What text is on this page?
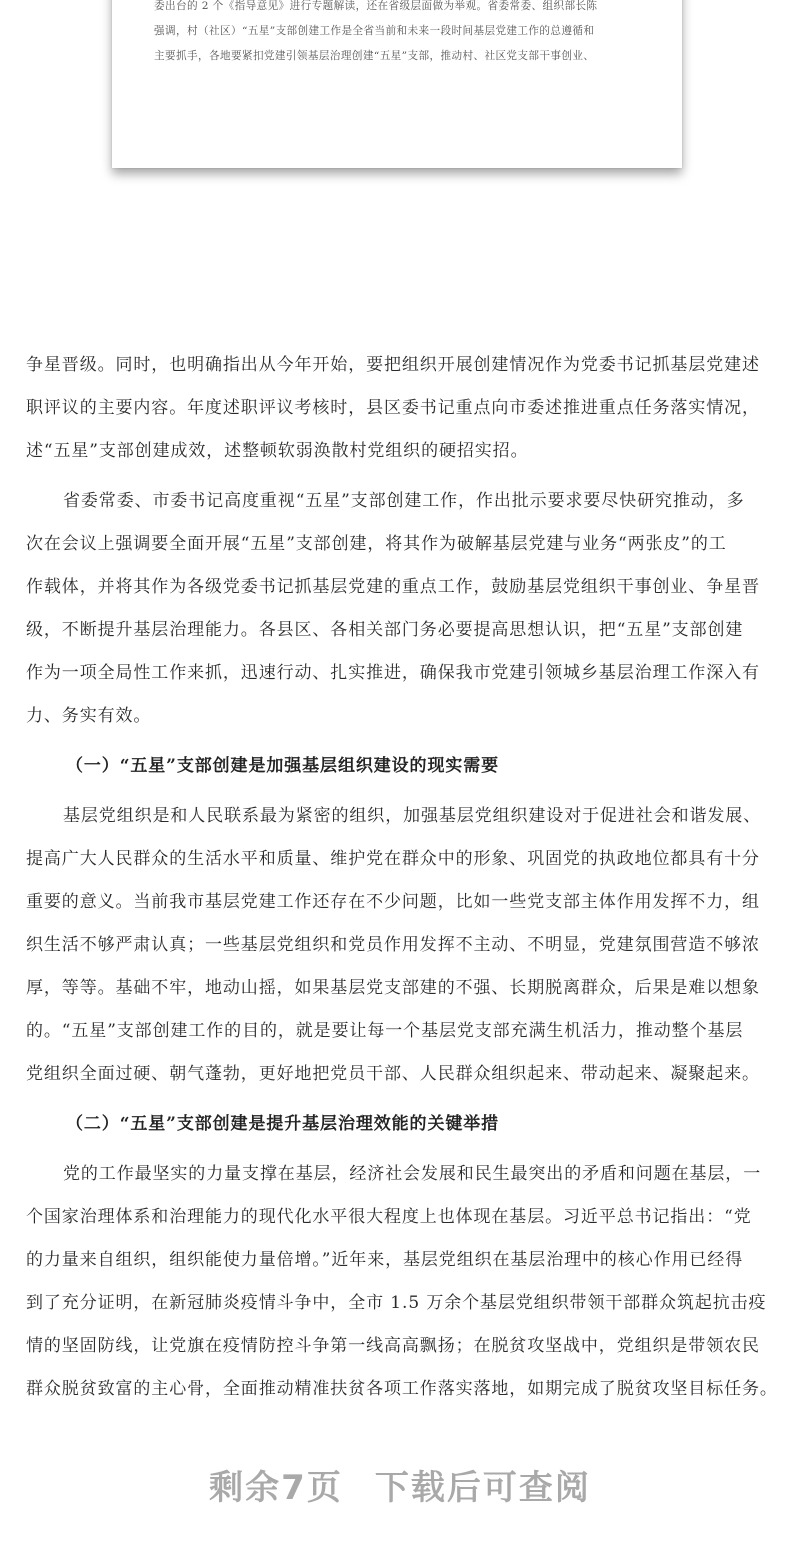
委出台的 2 个《指导意见》进行专题解读，还在省级层面做为举观。省委常委、组织部长陈
强调，村（社区）“五星”支部创建工作是全省当前和未来一段时间基层党建工作的总遵循和
主要抓手，各地要紧扣党建引领基层治理创建“五星”支部，推动村、社区党支部干事创业、
争星晋级。同时，也明确指出从今年开始，要把组织开展创建情况作为党委书记抓基层党建述
职评议的主要内容。年度述职评议考核时，县区委书记重点向市委述推进重点任务落实情况，
述“五星”支部创建成效，述整顿软弱涣散村党组织的硬招实招。
省委常委、市委书记高度重视“五星”支部创建工作，作出批示要求要尽快研究推动，多
次在会议上强调要全面开展“五星”支部创建，将其作为破解基层党建与业务“两张皮”的工
作载体，并将其作为各级党委书记抓基层党建的重点工作，鼓励基层党组织干事创业、争星晋
级，不断提升基层治理能力。各县区、各相关部门务必要提高思想认识，把“五星”支部创建
作为一项全局性工作来抓，迅速行动、扎实推进，确保我市党建引领城乡基层治理工作深入有
力、务实有效。
（一）“五星”支部创建是加强基层组织建设的现实需要
基层党组织是和人民联系最为紧密的组织，加强基层党组织建设对于促进社会和谐发展、
提高广大人民群众的生活水平和质量、维护党在群众中的形象、巩固党的执政地位都具有十分
重要的意义。当前我市基层党建工作还存在不少问题，比如一些党支部主体作用发挥不力，组
织生活不够严肃认真；一些基层党组织和党员作用发挥不主动、不明显，党建氛围营造不够浓
厚，等等。基础不牢，地动山摇，如果基层党支部建的不强、长期脱离群众，后果是难以想象
的。“五星”支部创建工作的目的，就是要让每一个基层党支部充满生机活力，推动整个基层
党组织全面过硬、朝气蓬勃，更好地把党员干部、人民群众组织起来、带动起来、凝聚起来。
（二）“五星”支部创建是提升基层治理效能的关键举措
党的工作最坚实的力量支撑在基层，经济社会发展和民生最突出的矛盾和问题在基层，一
个国家治理体系和治理能力的现代化水平很大程度上也体现在基层。习近平总书记指出：“党
的力量来自组织，组织能使力量倍增。”近年来，基层党组织在基层治理中的核心作用已经得
到了充分证明，在新冠肺炎疫情斗争中，全市 1.5 万余个基层党组织带领干部群众筑起抗击疫
情的坚固防线，让党旗在疫情防控斗争第一线高高飘扬；在脱贫攻坚战中，党组织是带领农民
群众脱贫致富的主心骨，全面推动精准扶贫各项工作落实落地，如期完成了脱贫攻坚目标任务。
剩余7页 下载后可查阅
